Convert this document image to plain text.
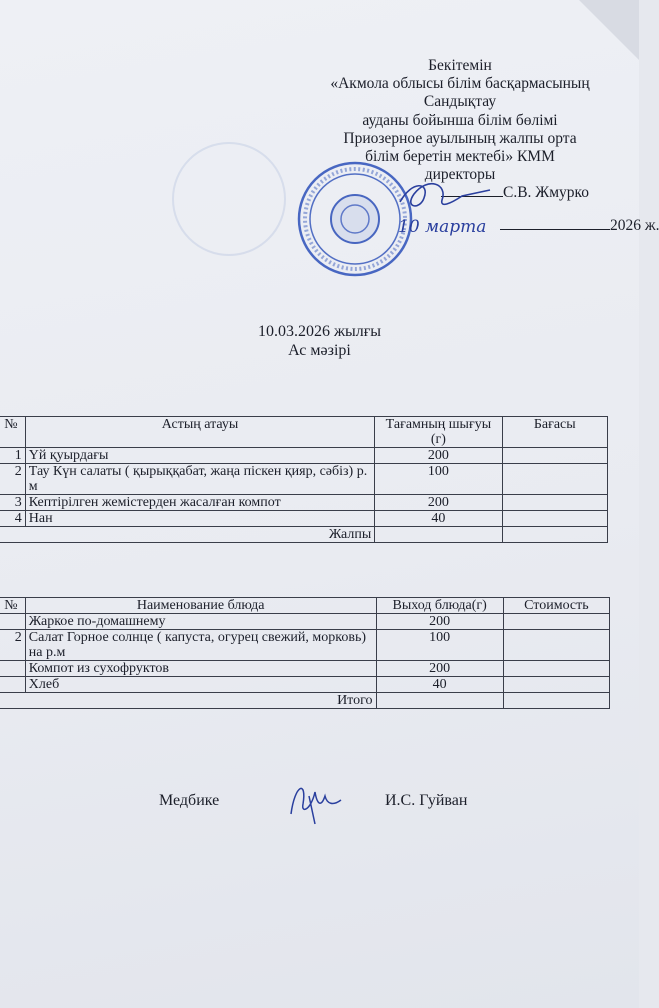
Бекітемін
«Акмола облысы білім басқармасының
Сандықтау
ауданы бойынша білім бөлімі
Приозерное ауылының жалпы орта
білім беретін мектебі» КММ
директоры
С.В. Жмурко
2026 ж.
10 марта
10.03.2026 жылғы
Ас мәзірі
№	Астың атауы	Тағамның шығуы (г)	Бағасы
1	Үй қуырдағы	200	
2	Тау Күн салаты ( қырыққабат, жаңа піскен қияр, сәбіз) р. м	100	
3	Кептірілген жемістерден жасалған компот	200	
4	Нан	40	
Жалпы			
№	Наименование блюда	Выход блюда(г)	Стоимость
	Жаркое по-домашнему	200	
2	Салат Горное солнце ( капуста, огурец свежий, морковь) на р.м	100	
	Компот из сухофруктов	200	
	Хлеб	40	
Итого			
Медбике	И.С. Гуйван
